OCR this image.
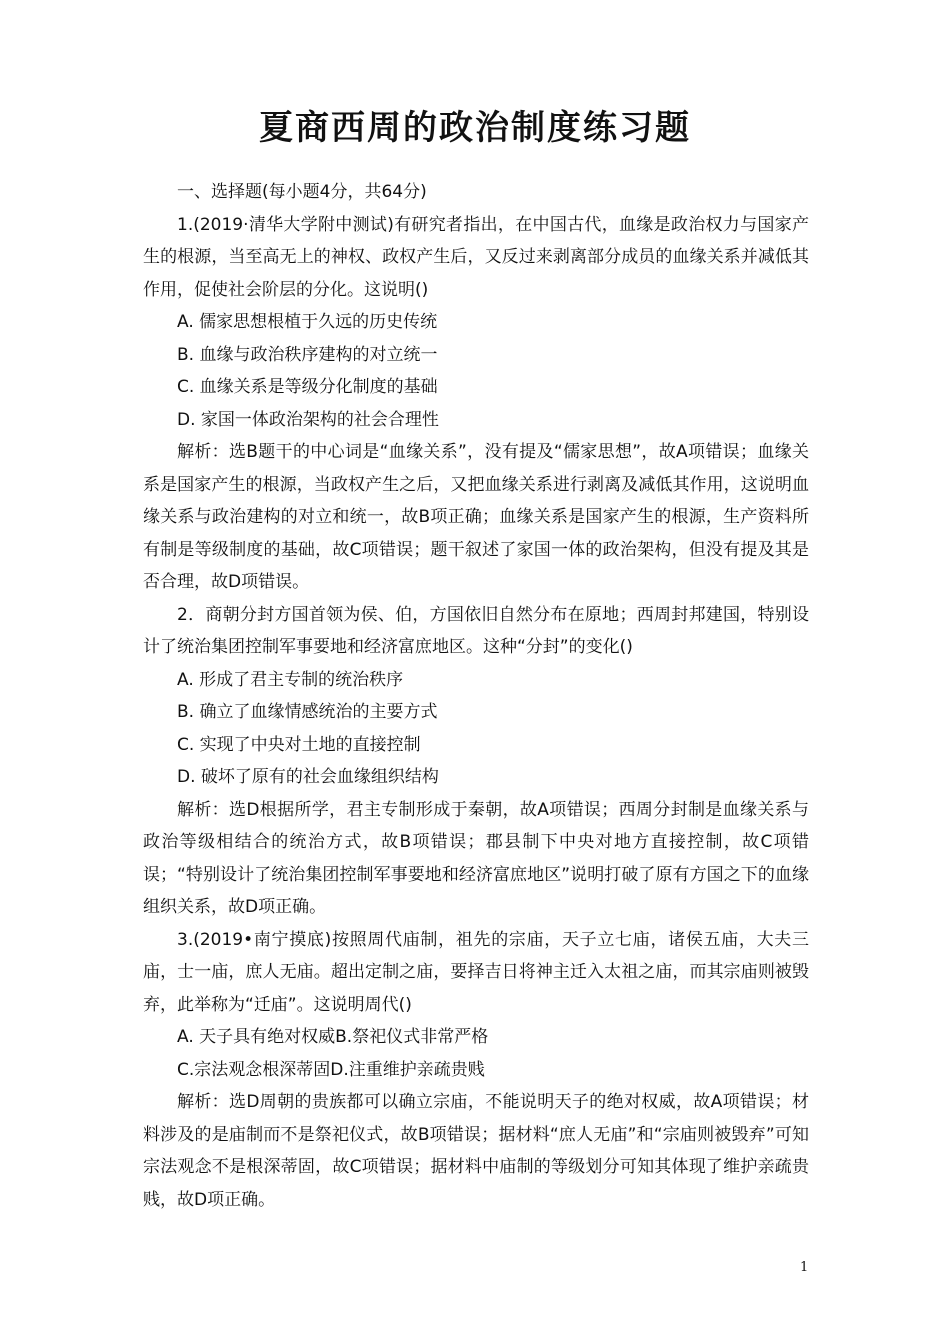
夏商西周的政治制度练习题

一、选择题(每小题4分，共64分)

1.(2019·清华大学附中测试)有研究者指出，在中国古代，血缘是政治权力与国家产生的根源，当至高无上的神权、政权产生后，又反过来剥离部分成员的血缘关系并减低其作用，促使社会阶层的分化。这说明()

A. 儒家思想根植于久远的历史传统

B. 血缘与政治秩序建构的对立统一

C. 血缘关系是等级分化制度的基础

D. 家国一体政治架构的社会合理性

解析：选B题干的中心词是“血缘关系”，没有提及“儒家思想”，故A项错误；血缘关系是国家产生的根源，当政权产生之后，又把血缘关系进行剥离及减低其作用，这说明血缘关系与政治建构的对立和统一，故B项正确；血缘关系是国家产生的根源，生产资料所有制是等级制度的基础，故C项错误；题干叙述了家国一体的政治架构，但没有提及其是否合理，故D项错误。

2．商朝分封方国首领为侯、伯，方国依旧自然分布在原地；西周封邦建国，特别设计了统治集团控制军事要地和经济富庶地区。这种“分封”的变化()

A. 形成了君主专制的统治秩序

B. 确立了血缘情感统治的主要方式

C. 实现了中央对土地的直接控制

D. 破坏了原有的社会血缘组织结构

解析：选D根据所学，君主专制形成于秦朝，故A项错误；西周分封制是血缘关系与政治等级相结合的统治方式，故B项错误；郡县制下中央对地方直接控制，故C项错误；“特别设计了统治集团控制军事要地和经济富庶地区”说明打破了原有方国之下的血缘组织关系，故D项正确。

3.(2019•南宁摸底)按照周代庙制，祖先的宗庙，天子立七庙，诸侯五庙，大夫三庙，士一庙，庶人无庙。超出定制之庙，要择吉日将神主迁入太祖之庙，而其宗庙则被毁弃，此举称为“迁庙”。这说明周代()

A. 天子具有绝对权威B.祭祀仪式非常严格

C.宗法观念根深蒂固D.注重维护亲疏贵贱

解析：选D周朝的贵族都可以确立宗庙，不能说明天子的绝对权威，故A项错误；材料涉及的是庙制而不是祭祀仪式，故B项错误；据材料“庶人无庙”和“宗庙则被毁弃”可知宗法观念不是根深蒂固，故C项错误；据材料中庙制的等级划分可知其体现了维护亲疏贵贱，故D项正确。

1
